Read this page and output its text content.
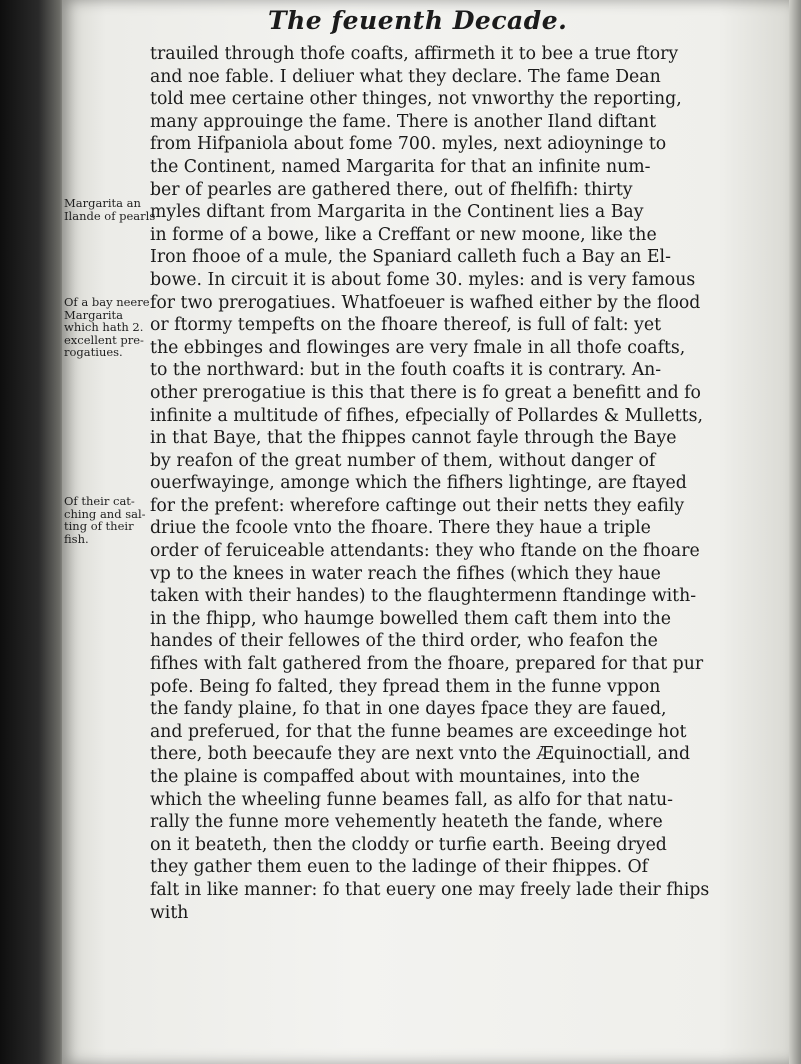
The feuenth Decade.
Margarita an
Ilande of pearls
Of a bay neere
Margarita
which hath 2.
excellent pre-
rogatiues.
Of their cat-
ching and sal-
ting of their
fish.
trauiled through thofe coafts, affirmeth it to bee a true ftory
and noe fable. I deliuer what they declare. The fame Dean
told mee certaine other thinges, not vnworthy the reporting,
many approuinge the fame. There is another Iland diftant
from Hifpaniola about fome 700. myles, next adioyninge to
the Continent, named Margarita for that an infinite num-
ber of pearles are gathered there, out of fhelfifh: thirty
myles diftant from Margarita in the Continent lies a Bay
in forme of a bowe, like a Creffant or new moone, like the
Iron fhooe of a mule, the Spaniard calleth fuch a Bay an El-
bowe. In circuit it is about fome 30. myles: and is very famous
for two prerogatiues. Whatfoeuer is wafhed either by the flood
or ftormy tempefts on the fhoare thereof, is full of falt: yet
the ebbinges and flowinges are very fmale in all thofe coafts,
to the northward: but in the fouth coafts it is contrary. An-
other prerogatiue is this that there is fo great a benefitt and fo
infinite a multitude of fifhes, efpecially of Pollardes & Mulletts,
in that Baye, that the fhippes cannot fayle through the Baye
by reafon of the great number of them, without danger of
ouerfwayinge, amonge which the fifhers lightinge, are ftayed
for the prefent: wherefore caftinge out their netts they eafily
driue the fcoole vnto the fhoare. There they haue a triple
order of feruiceable attendants: they who ftande on the fhoare
vp to the knees in water reach the fifhes (which they haue
taken with their handes) to the flaughtermenn ftandinge with-
in the fhipp, who haumge bowelled them caft them into the
handes of their fellowes of the third order, who feafon the
fifhes with falt gathered from the fhoare, prepared for that pur
pofe. Being fo falted, they fpread them in the funne vppon
the fandy plaine, fo that in one dayes fpace they are faued,
and preferued, for that the funne beames are exceedinge hot
there, both beecaufe they are next vnto the Æquinoctiall, and
the plaine is compaffed about with mountaines, into the
which the wheeling funne beames fall, as alfo for that natu-
rally the funne more vehemently heateth the fande, where
on it beateth, then the cloddy or turfie earth. Beeing dryed
they gather them euen to the ladinge of their fhippes. Of
falt in like manner: fo that euery one may freely lade their fhips
with
